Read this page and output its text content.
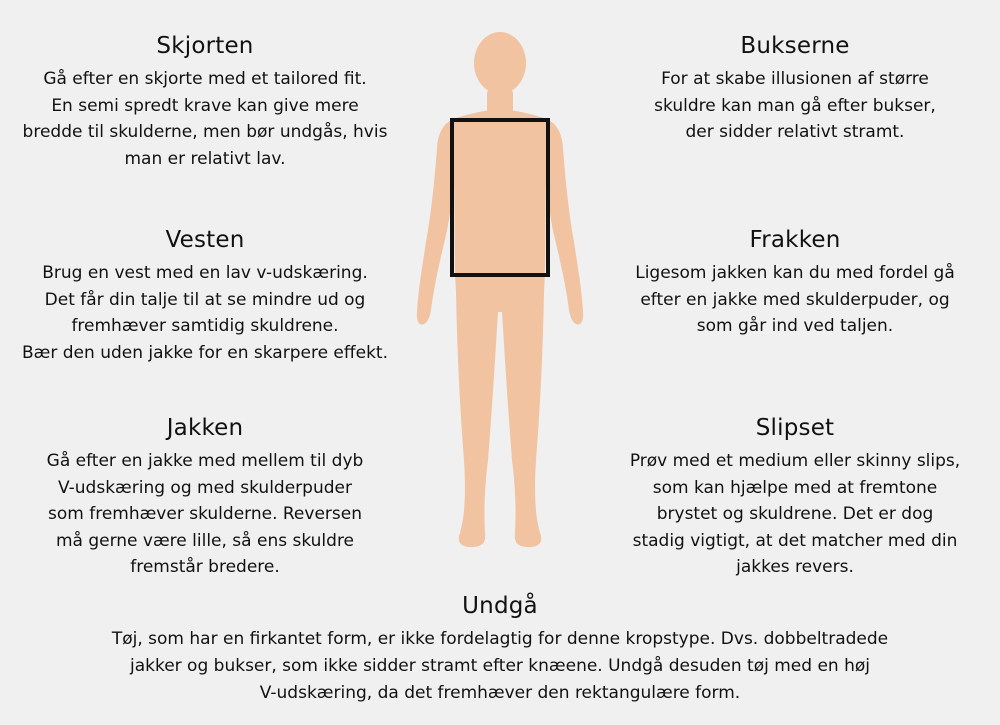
Skjorten

Gå efter en skjorte med et tailored fit.
En semi spredt krave kan give mere
bredde til skulderne, men bør undgås, hvis
man er relativt lav.

Vesten

Brug en vest med en lav v-udskæring.
Det får din talje til at se mindre ud og
fremhæver samtidig skuldrene.
Bær den uden jakke for en skarpere effekt.

Jakken

Gå efter en jakke med mellem til dyb
V-udskæring og med skulderpuder
som fremhæver skulderne. Reversen
må gerne være lille, så ens skuldre
fremstår bredere.

Bukserne

For at skabe illusionen af større
skuldre kan man gå efter bukser,
der sidder relativt stramt.

Frakken

Ligesom jakken kan du med fordel gå
efter en jakke med skulderpuder, og
som går ind ved taljen.

Slipset

Prøv med et medium eller skinny slips,
som kan hjælpe med at fremtone
brystet og skuldrene. Det er dog
stadig vigtigt, at det matcher med din
jakkes revers.

Undgå

Tøj, som har en firkantet form, er ikke fordelagtig for denne kropstype. Dvs. dobbeltradede
jakker og bukser, som ikke sidder stramt efter knæene. Undgå desuden tøj med en høj
V-udskæring, da det fremhæver den rektangulære form.
